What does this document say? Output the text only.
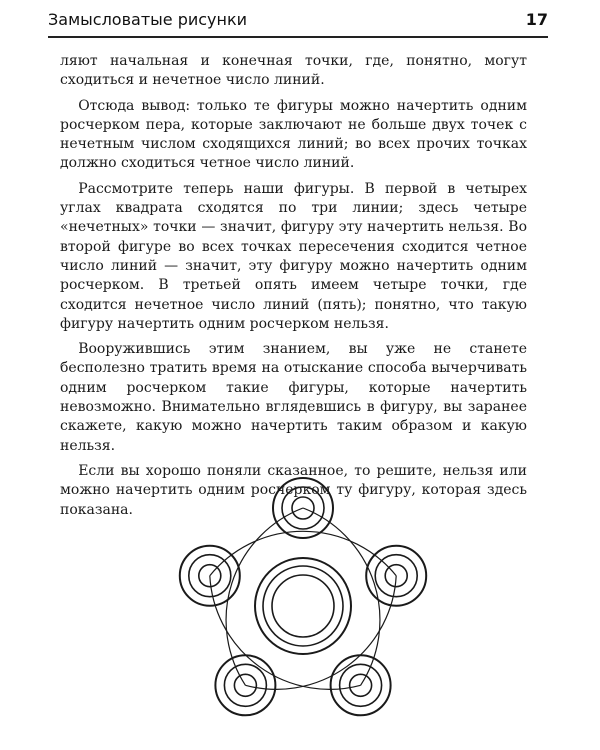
Замысловатые рисунки	17

ляют начальная и конечная точки, где, понятно, могут сходиться и нечетное число линий.

Отсюда вывод: только те фигуры можно начертить одним росчерком пера, которые заключают не больше двух точек с нечетным числом сходящихся линий; во всех прочих точках должно сходиться четное число линий.

Рассмотрите теперь наши фигуры. В первой в четырех углах квадрата сходятся по три линии; здесь четыре «нечетных» точки — значит, фигуру эту начертить нельзя. Во второй фигуре во всех точках пересечения сходится четное число линий — значит, эту фигуру можно начертить одним росчерком. В третьей опять имеем четыре точки, где сходится нечетное число линий (пять); понятно, что такую фигуру начертить одним росчерком нельзя.

Вооружившись этим знанием, вы уже не станете бесполезно тратить время на отыскание способа вычерчивать одним росчерком такие фигуры, которые начертить невозможно. Внимательно вглядевшись в фигуру, вы заранее скажете, какую можно начертить таким образом и какую нельзя.

Если вы хорошо поняли сказанное, то решите, нельзя или можно начертить одним росчерком ту фигуру, которая здесь показана.
